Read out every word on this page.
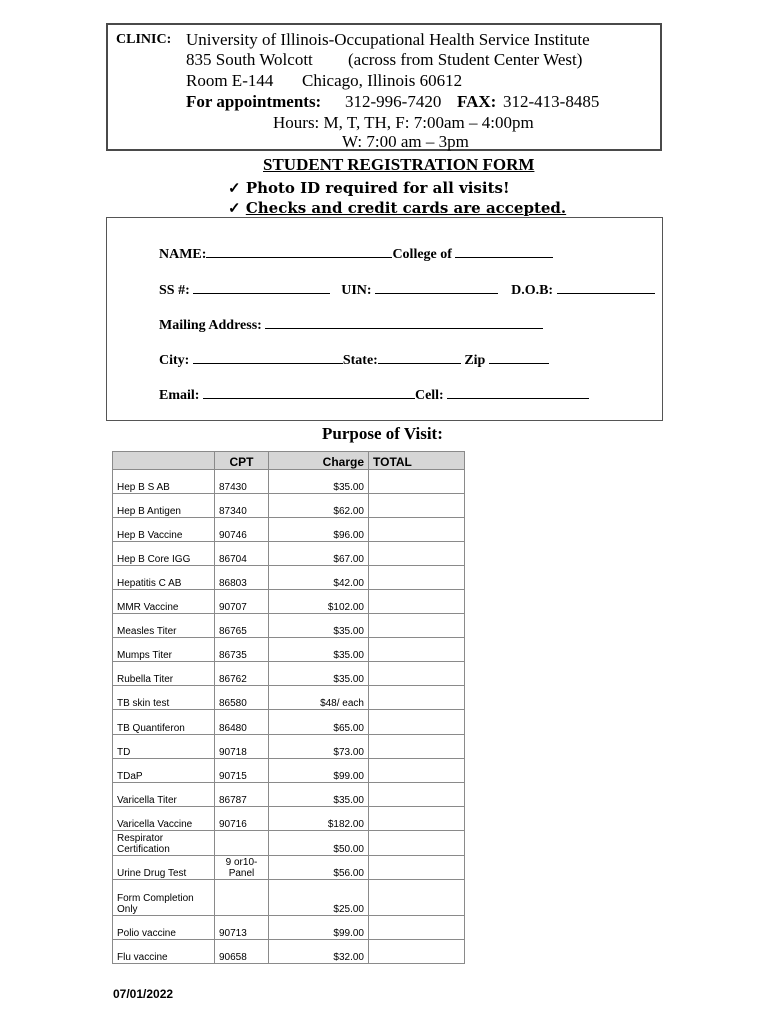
CLINIC: University of Illinois-Occupational Health Service Institute
835 South Wolcott (across from Student Center West)
Room E-144 Chicago, Illinois 60612
For appointments: 312-996-7420 FAX: 312-413-8485
Hours: M, T, TH, F: 7:00am – 4:00pm
W: 7:00 am – 3pm
STUDENT REGISTRATION FORM
✓ Photo ID required for all visits!
✓ Checks and credit cards are accepted.
NAME:	College of
SS #:	UIN:	D.O.B:
Mailing Address:
City:	State:	Zip
Email:	Cell:
Purpose of Visit:
	CPT	Charge	TOTAL
Hep B S AB	87430	$35.00	
Hep B Antigen	87340	$62.00	
Hep B Vaccine	90746	$96.00	
Hep B Core IGG	86704	$67.00	
Hepatitis C AB	86803	$42.00	
MMR Vaccine	90707	$102.00	
Measles Titer	86765	$35.00	
Mumps Titer	86735	$35.00	
Rubella Titer	86762	$35.00	
TB skin test	86580	$48/ each	
TB Quantiferon	86480	$65.00	
TD	90718	$73.00	
TDaP	90715	$99.00	
Varicella Titer	86787	$35.00	
Varicella Vaccine	90716	$182.00	
Respirator Certification		$50.00	
Urine Drug Test	9 or10-Panel	$56.00	
Form Completion Only		$25.00	
Polio vaccine	90713	$99.00	
Flu vaccine	90658	$32.00	
07/01/2022
